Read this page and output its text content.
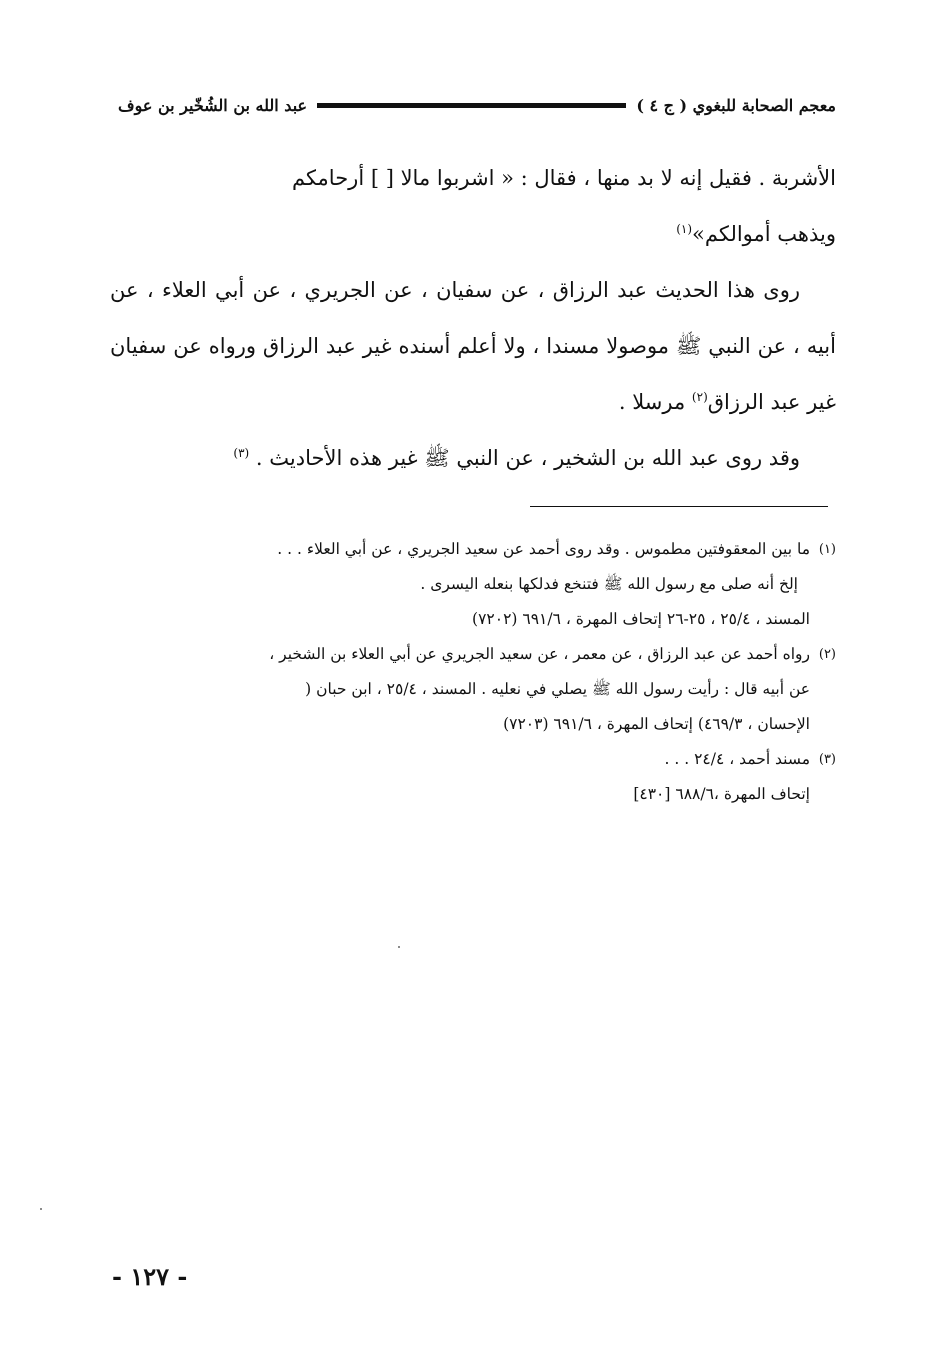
معجم الصحابة للبغوي ( ج ٤ )
عبد الله بن الشُخّير بن عوف

الأشربة . فقيل إنه لا بد منها ، فقال : « اشربوا مالا [ ] أرحامكم
ويذهب أموالكم»$^{(١)}$

روى هذا الحديث عبد الرزاق ، عن سفيان ، عن الجريري ، عن أبي العلاء ، عن أبيه ، عن النبي ﷺ موصولا مسندا ، ولا أعلم أسنده غير عبد الرزاق ورواه عن سفيان غير عبد الرزاق$^{(٢)}$ مرسلا .

وقد روى عبد الله بن الشخير ، عن النبي ﷺ غير هذه الأحاديث . $^{(٣)}$

(١)
ما بين المعقوفتين مطموس . وقد روى أحمد عن سعيد الجريري ، عن أبي العلاء . . .
إلخ أنه صلى مع رسول الله ﷺ فتنخع فدلكها بنعله اليسرى .
المسند ، ٢٥/٤ ، ٢٥-٢٦ إتحاف المهرة ، ٦٩١/٦ (٧٢٠٢)
(٢)
رواه أحمد عن عبد الرزاق ، عن معمر ، عن سعيد الجريري عن أبي العلاء بن الشخير ،
عن أبيه قال : رأيت رسول الله ﷺ يصلي في نعليه . المسند ، ٢٥/٤ ، ابن حبان (
الإحسان ، ٤٦٩/٣) إتحاف المهرة ، ٦٩١/٦ (٧٢٠٣)
(٣)
مسند أحمد ، ٢٤/٤ . . .
إتحاف المهرة ،٦٨٨/٦ [٤٣٠]
- ١٢٧ -
